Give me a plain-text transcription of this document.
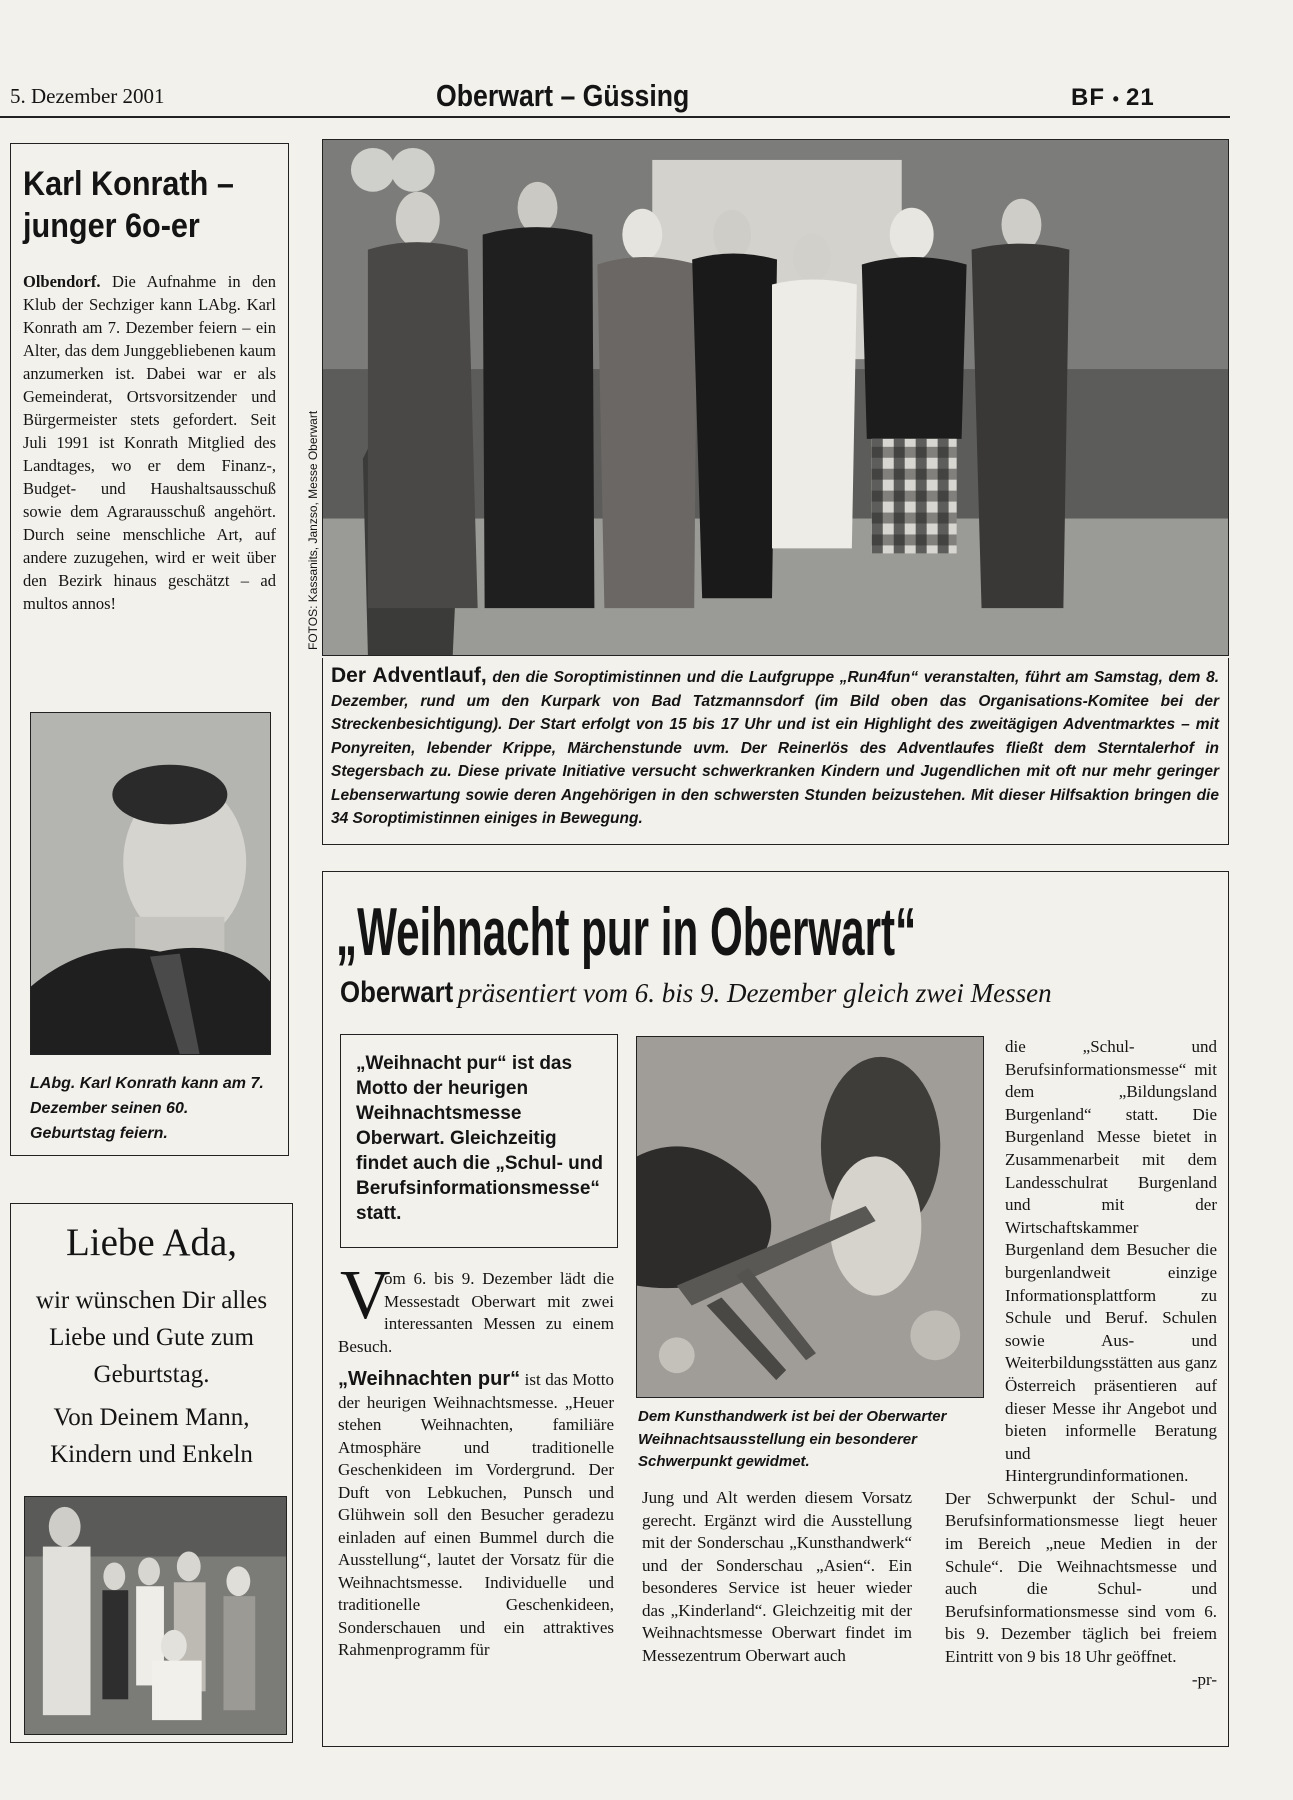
5. Dezember 2001	Oberwart – Güssing	BF • 21
Karl Konrath –
junger 6o-er
Olbendorf. Die Aufnahme in den Klub der Sechziger kann LAbg. Karl Konrath am 7. Dezember feiern – ein Alter, das dem Junggebliebenen kaum anzumerken ist. Dabei war er als Gemeinderat, Ortsvorsitzender und Bürgermeister stets gefordert. Seit Juli 1991 ist Konrath Mitglied des Landtages, wo er dem Finanz-, Budget- und Haushaltsausschuß sowie dem Agrarausschuß angehört. Durch seine menschliche Art, auf andere zuzugehen, wird er weit über den Bezirk hinaus geschätzt – ad multos annos!
LAbg. Karl Konrath kann am 7. Dezember seinen 60. Geburtstag feiern.
Liebe Ada,
wir wünschen Dir alles
Liebe und Gute zum
Geburtstag.
Von Deinem Mann,
Kindern und Enkeln
FOTOS: Kassanits, Janzso, Messe Oberwart
Der Adventlauf, den die Soroptimistinnen und die Laufgruppe „Run4fun“ veranstalten, führt am Samstag, dem 8. Dezember, rund um den Kurpark von Bad Tatzmannsdorf (im Bild oben das Organisations-Komitee bei der Streckenbesichtigung). Der Start erfolgt von 15 bis 17 Uhr und ist ein Highlight des zweitägigen Adventmarktes – mit Ponyreiten, lebender Krippe, Märchenstunde uvm. Der Reinerlös des Adventlaufes fließt dem Sterntalerhof in Stegersbach zu. Diese private Initiative versucht schwerkranken Kindern und Jugendlichen mit oft nur mehr geringer Lebenserwartung sowie deren Angehörigen in den schwersten Stunden beizustehen. Mit dieser Hilfsaktion bringen die 34 Soroptimistinnen einiges in Bewegung.
„Weihnacht pur in Oberwart“
Oberwart präsentiert vom 6. bis 9. Dezember gleich zwei Messen
„Weihnacht pur“ ist das Motto der heurigen Weihnachtsmesse Oberwart. Gleichzeitig findet auch die „Schul- und Berufsinformationsmesse“ statt.
V

om 6. bis 9. Dezember lädt die Messestadt Oberwart mit zwei interessanten Messen zu einem Besuch.

„Weihnachten pur“ ist das Motto der heurigen Weihnachtsmesse. „Heuer stehen Weihnachten, familiäre Atmosphäre und traditionelle Geschenkideen im Vordergrund. Der Duft von Lebkuchen, Punsch und Glühwein soll den Besucher geradezu einladen auf einen Bummel durch die Ausstellung“, lautet der Vorsatz für die Weihnachtsmesse. Individuelle und traditionelle Geschenkideen, Sonderschauen und ein attraktives Rahmenprogramm für

Dem Kunsthandwerk ist bei der Oberwarter Weihnachtsausstellung ein besonderer Schwerpunkt gewidmet.
Jung und Alt werden diesem Vorsatz gerecht. Ergänzt wird die Ausstellung mit der Sonderschau „Kunsthandwerk“ und der Sonderschau „Asien“. Ein besonderes Service ist heuer wieder das „Kinderland“. Gleichzeitig mit der Weihnachtsmesse Oberwart findet im Messezentrum Oberwart auch
die „Schul- und Berufsinformationsmesse“ mit dem „Bildungsland Burgenland“ statt. Die Burgenland Messe bietet in Zusammenarbeit mit dem Landesschulrat Burgenland und mit der Wirtschaftskammer Burgenland dem Besucher die burgenlandweit einzige Informationsplattform zu Schule und Beruf. Schulen sowie Aus- und Weiterbildungsstätten aus ganz Österreich präsentieren auf dieser Messe ihr Angebot und bieten informelle Beratung und Hintergrundinformationen. Der Schwerpunkt der Schul- und Berufsinformationsmesse liegt heuer im Bereich „neue Medien in der Schule“. Die Weihnachtsmesse und auch die Schul- und Berufsinformationsmesse sind vom 6. bis 9. Dezember täglich bei freiem Eintritt von 9 bis 18 Uhr geöffnet.
-pr-
